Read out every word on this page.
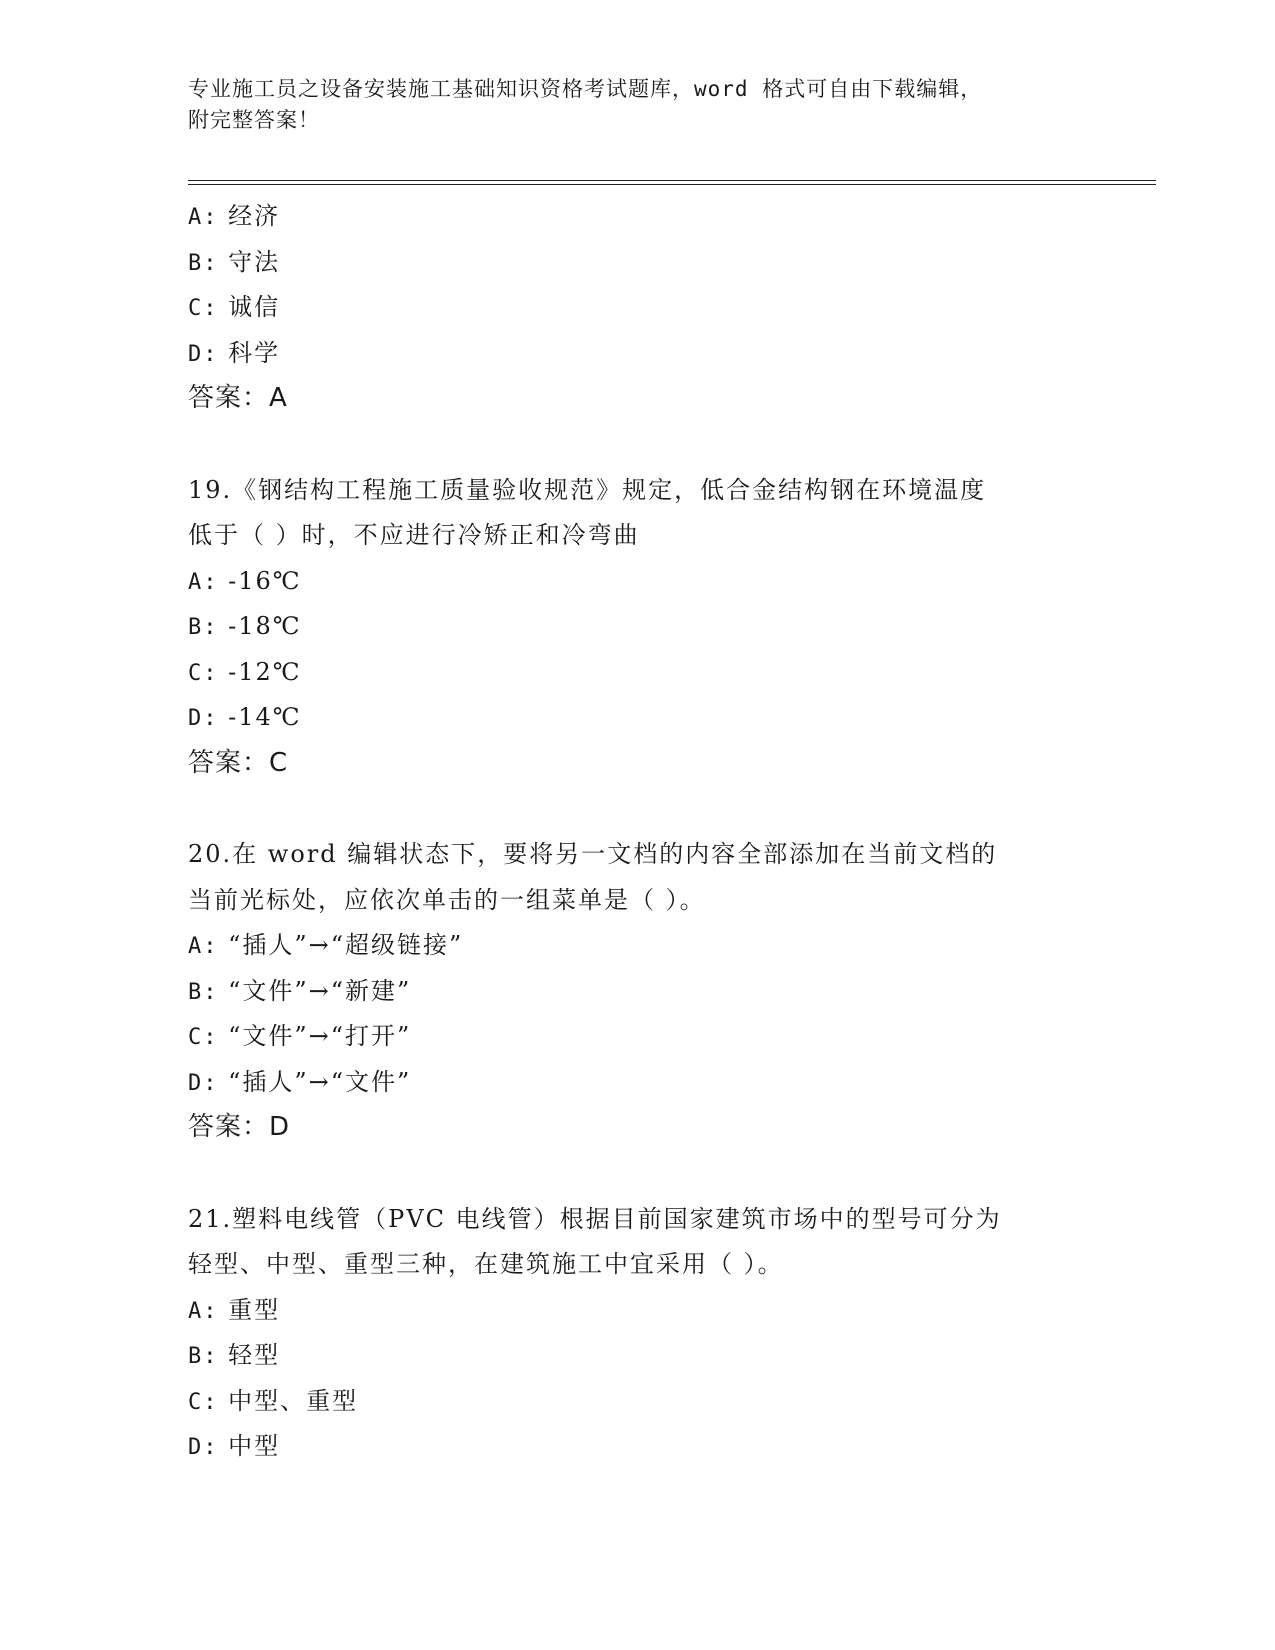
专业施工员之设备安装施工基础知识资格考试题库，word 格式可自由下载编辑，
附完整答案！
A: 经济
B: 守法
C: 诚信
D: 科学
答案：A
19.《钢结构工程施工质量验收规范》规定，低合金结构钢在环境温度
低于（ ）时，不应进行冷矫正和冷弯曲
A: -16℃
B: -18℃
C: -12℃
D: -14℃
答案：C
20.在 word 编辑状态下，要将另一文档的内容全部添加在当前文档的
当前光标处，应依次单击的一组菜单是（ ）。
A: “插人”→“超级链接”
B: “文件”→“新建”
C: “文件”→“打开”
D: “插人”→“文件”
答案：D
21.塑料电线管（PVC 电线管）根据目前国家建筑市场中的型号可分为
轻型、中型、重型三种，在建筑施工中宜采用（ ）。
A: 重型
B: 轻型
C: 中型、重型
D: 中型
